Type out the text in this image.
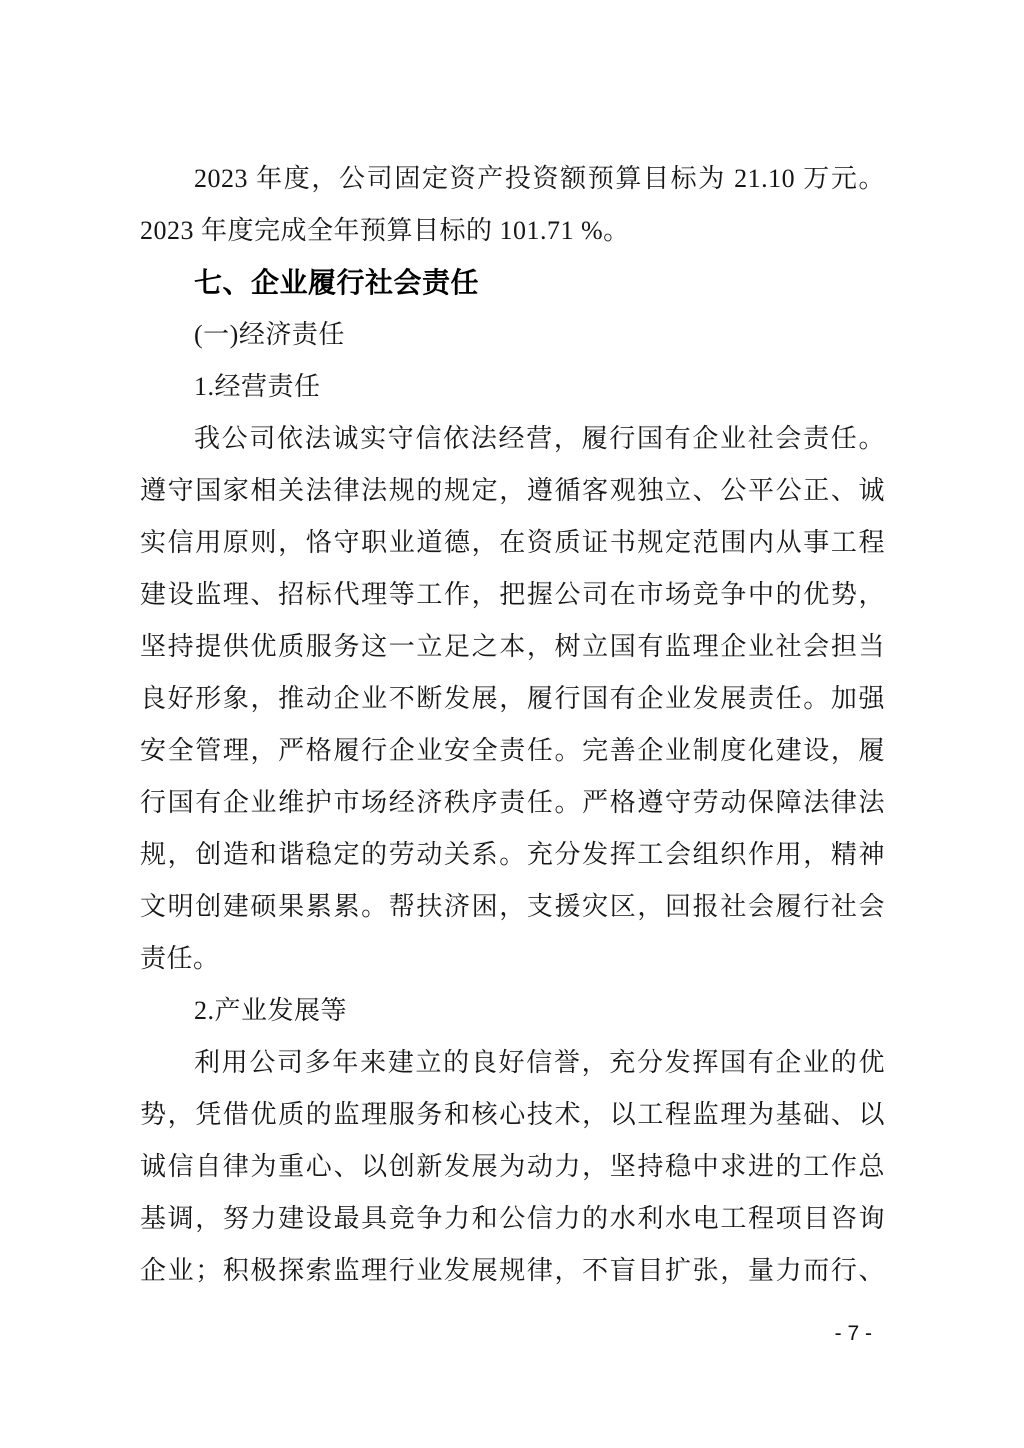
2023 年度，公司固定资产投资额预算目标为 21.10 万元。
2023 年度完成全年预算目标的 101.71 %。
七、企业履行社会责任
(一)经济责任
1.经营责任
我公司依法诚实守信依法经营，履行国有企业社会责任。
遵守国家相关法律法规的规定，遵循客观独立、公平公正、诚
实信用原则，恪守职业道德，在资质证书规定范围内从事工程
建设监理、招标代理等工作，把握公司在市场竞争中的优势，
坚持提供优质服务这一立足之本，树立国有监理企业社会担当
良好形象，推动企业不断发展，履行国有企业发展责任。加强
安全管理，严格履行企业安全责任。完善企业制度化建设，履
行国有企业维护市场经济秩序责任。严格遵守劳动保障法律法
规，创造和谐稳定的劳动关系。充分发挥工会组织作用，精神
文明创建硕果累累。帮扶济困，支援灾区，回报社会履行社会
责任。
2.产业发展等
利用公司多年来建立的良好信誉，充分发挥国有企业的优
势，凭借优质的监理服务和核心技术，以工程监理为基础、以
诚信自律为重心、以创新发展为动力，坚持稳中求进的工作总
基调，努力建设最具竞争力和公信力的水利水电工程项目咨询
企业；积极探索监理行业发展规律，不盲目扩张，量力而行、
- 7 -
